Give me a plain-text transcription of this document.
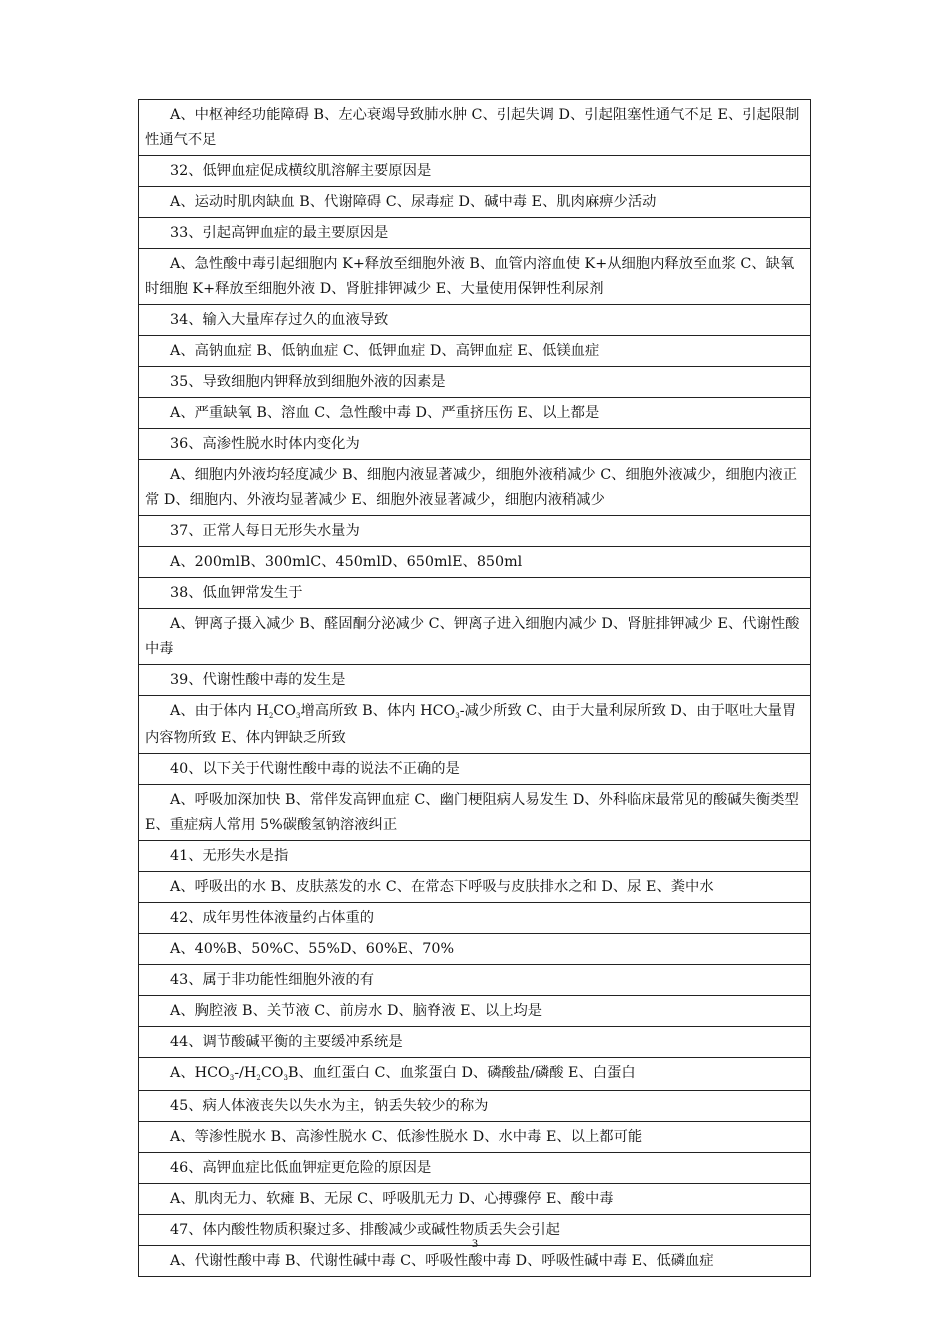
A、中枢神经功能障碍 B、左心衰竭导致肺水肿 C、引起失调 D、引起阻塞性通气不足 E、引起限制性通气不足
32、低钾血症促成横纹肌溶解主要原因是
A、运动时肌肉缺血 B、代谢障碍 C、尿毒症 D、碱中毒 E、肌肉麻痹少活动
33、引起高钾血症的最主要原因是
A、急性酸中毒引起细胞内 K+释放至细胞外液 B、血管内溶血使 K+从细胞内释放至血浆 C、缺氧时细胞 K+释放至细胞外液 D、肾脏排钾减少 E、大量使用保钾性利尿剂
34、输入大量库存过久的血液导致
A、高钠血症 B、低钠血症 C、低钾血症 D、高钾血症 E、低镁血症
35、导致细胞内钾释放到细胞外液的因素是
A、严重缺氧 B、溶血 C、急性酸中毒 D、严重挤压伤 E、以上都是
36、高渗性脱水时体内变化为
A、细胞内外液均轻度减少 B、细胞内液显著减少，细胞外液稍减少 C、细胞外液减少，细胞内液正常 D、细胞内、外液均显著减少 E、细胞外液显著减少，细胞内液稍减少
37、正常人每日无形失水量为
A、200mlB、300mlC、450mlD、650mlE、850ml
38、低血钾常发生于
A、钾离子摄入减少 B、醛固酮分泌减少 C、钾离子进入细胞内减少 D、肾脏排钾减少 E、代谢性酸中毒
39、代谢性酸中毒的发生是
A、由于体内 $H_2CO_3$增高所致 B、体内 $HCO_3-$减少所致 C、由于大量利尿所致 D、由于呕吐大量胃内容物所致 E、体内钾缺乏所致
40、以下关于代谢性酸中毒的说法不正确的是
A、呼吸加深加快 B、常伴发高钾血症 C、幽门梗阻病人易发生 D、外科临床最常见的酸碱失衡类型 E、重症病人常用 5%碳酸氢钠溶液纠正
41、无形失水是指
A、呼吸出的水 B、皮肤蒸发的水 C、在常态下呼吸与皮肤排水之和 D、尿 E、粪中水
42、成年男性体液量约占体重的
A、40%B、50%C、55%D、60%E、70%
43、属于非功能性细胞外液的有
A、胸腔液 B、关节液 C、前房水 D、脑脊液 E、以上均是
44、调节酸碱平衡的主要缓冲系统是
A、$HCO_3-/H_2CO_3B$、血红蛋白 C、血浆蛋白 D、磷酸盐/磷酸 E、白蛋白
45、病人体液丧失以失水为主，钠丢失较少的称为
A、等渗性脱水 B、高渗性脱水 C、低渗性脱水 D、水中毒 E、以上都可能
46、高钾血症比低血钾症更危险的原因是
A、肌肉无力、软瘫 B、无尿 C、呼吸肌无力 D、心搏骤停 E、酸中毒
47、体内酸性物质积聚过多、排酸减少或碱性物质丢失会引起
A、代谢性酸中毒 B、代谢性碱中毒 C、呼吸性酸中毒 D、呼吸性碱中毒 E、低磷血症
3
